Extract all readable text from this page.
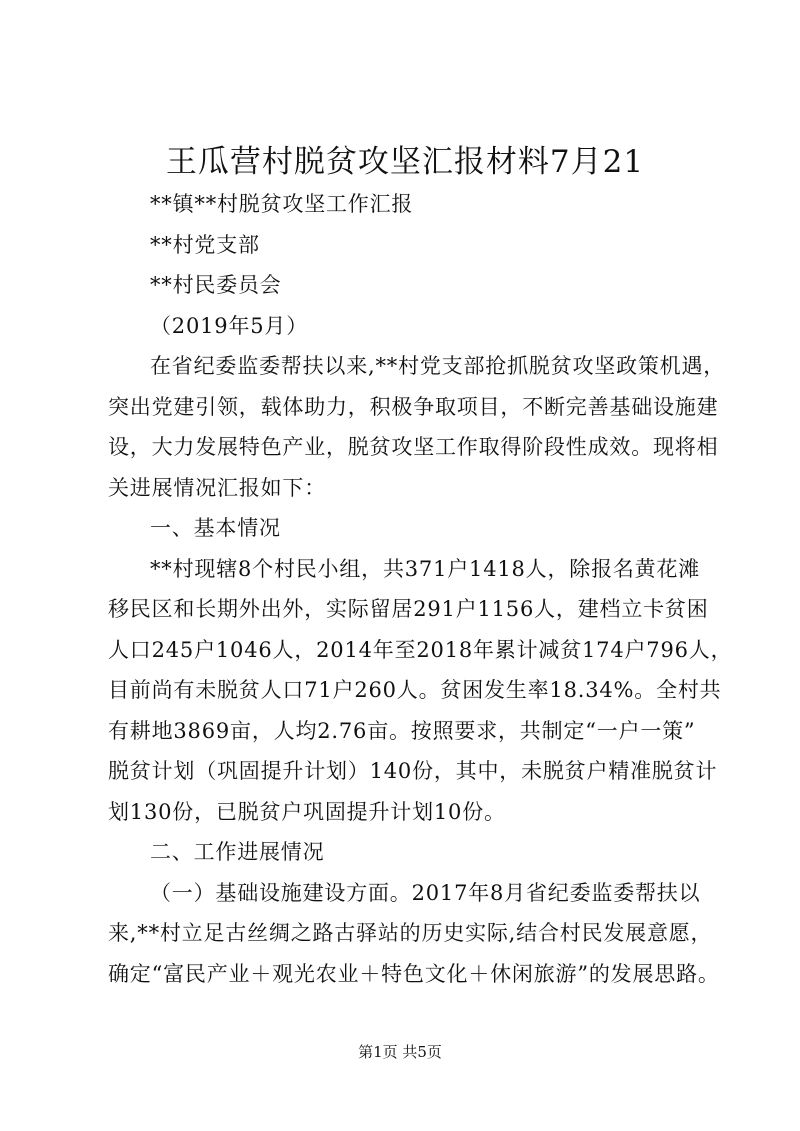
王瓜营村脱贫攻坚汇报材料7月21
**镇**村脱贫攻坚工作汇报
**村党支部
**村民委员会
（2019年5月）
在省纪委监委帮扶以来,**村党支部抢抓脱贫攻坚政策机遇，
突出党建引领，载体助力，积极争取项目，不断完善基础设施建
设，大力发展特色产业，脱贫攻坚工作取得阶段性成效。现将相
关进展情况汇报如下：
一、基本情况
**村现辖8个村民小组，共371户1418人，除报名黄花滩
移民区和长期外出外，实际留居291户1156人，建档立卡贫困
人口245户1046人，2014年至2018年累计减贫174户796人，
目前尚有未脱贫人口71户260人。贫困发生率18.34%。全村共
有耕地3869亩，人均2.76亩。按照要求，共制定“一户一策”
脱贫计划（巩固提升计划）140份，其中，未脱贫户精准脱贫计
划130份，已脱贫户巩固提升计划10份。
二、工作进展情况
（一）基础设施建设方面。2017年8月省纪委监委帮扶以
来,**村立足古丝绸之路古驿站的历史实际,结合村民发展意愿，
确定“富民产业＋观光农业＋特色文化＋休闲旅游”的发展思路。
第1页 共5页
